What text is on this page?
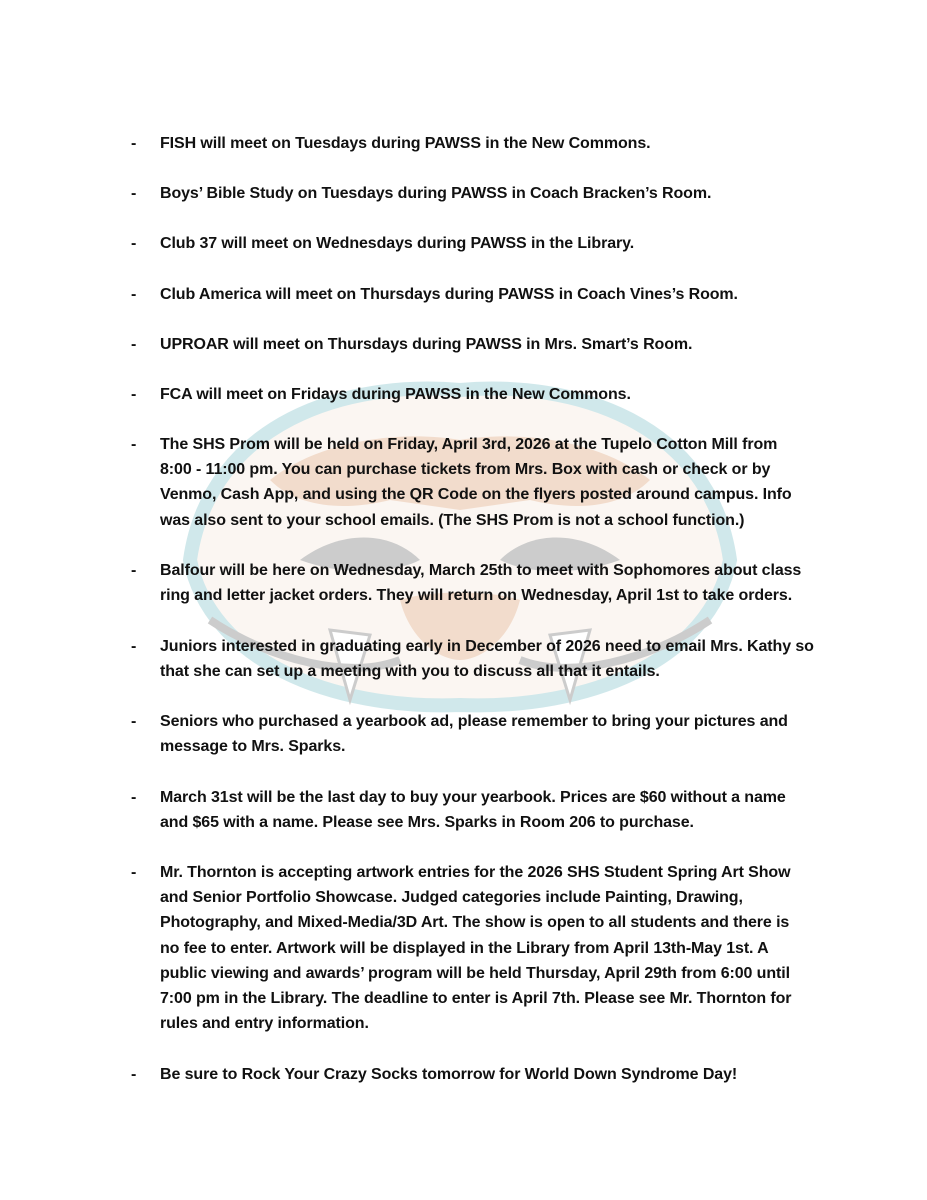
- FISH will meet on Tuesdays during PAWSS in the New Commons.
- Boys’ Bible Study on Tuesdays during PAWSS in Coach Bracken’s Room.
- Club 37 will meet on Wednesdays during PAWSS in the Library.
- Club America will meet on Thursdays during PAWSS in Coach Vines’s Room.
- UPROAR will meet on Thursdays during PAWSS in Mrs. Smart’s Room.
- FCA will meet on Fridays during PAWSS in the New Commons.
- The SHS Prom will be held on Friday, April 3rd, 2026 at the Tupelo Cotton Mill from
8:00 - 11:00 pm. You can purchase tickets from Mrs. Box with cash or check or by
Venmo, Cash App, and using the QR Code on the flyers posted around campus. Info
was also sent to your school emails. (The SHS Prom is not a school function.)
- Balfour will be here on Wednesday, March 25th to meet with Sophomores about class
ring and letter jacket orders. They will return on Wednesday, April 1st to take orders.
- Juniors interested in graduating early in December of 2026 need to email Mrs. Kathy so
that she can set up a meeting with you to discuss all that it entails.
- Seniors who purchased a yearbook ad, please remember to bring your pictures and
message to Mrs. Sparks.
- March 31st will be the last day to buy your yearbook. Prices are $60 without a name
and $65 with a name. Please see Mrs. Sparks in Room 206 to purchase.
- Mr. Thornton is accepting artwork entries for the 2026 SHS Student Spring Art Show
and Senior Portfolio Showcase. Judged categories include Painting, Drawing,
Photography, and Mixed-Media/3D Art. The show is open to all students and there is
no fee to enter. Artwork will be displayed in the Library from April 13th-May 1st. A
public viewing and awards’ program will be held Thursday, April 29th from 6:00 until
7:00 pm in the Library. The deadline to enter is April 7th. Please see Mr. Thornton for
rules and entry information.
- Be sure to Rock Your Crazy Socks tomorrow for World Down Syndrome Day!
